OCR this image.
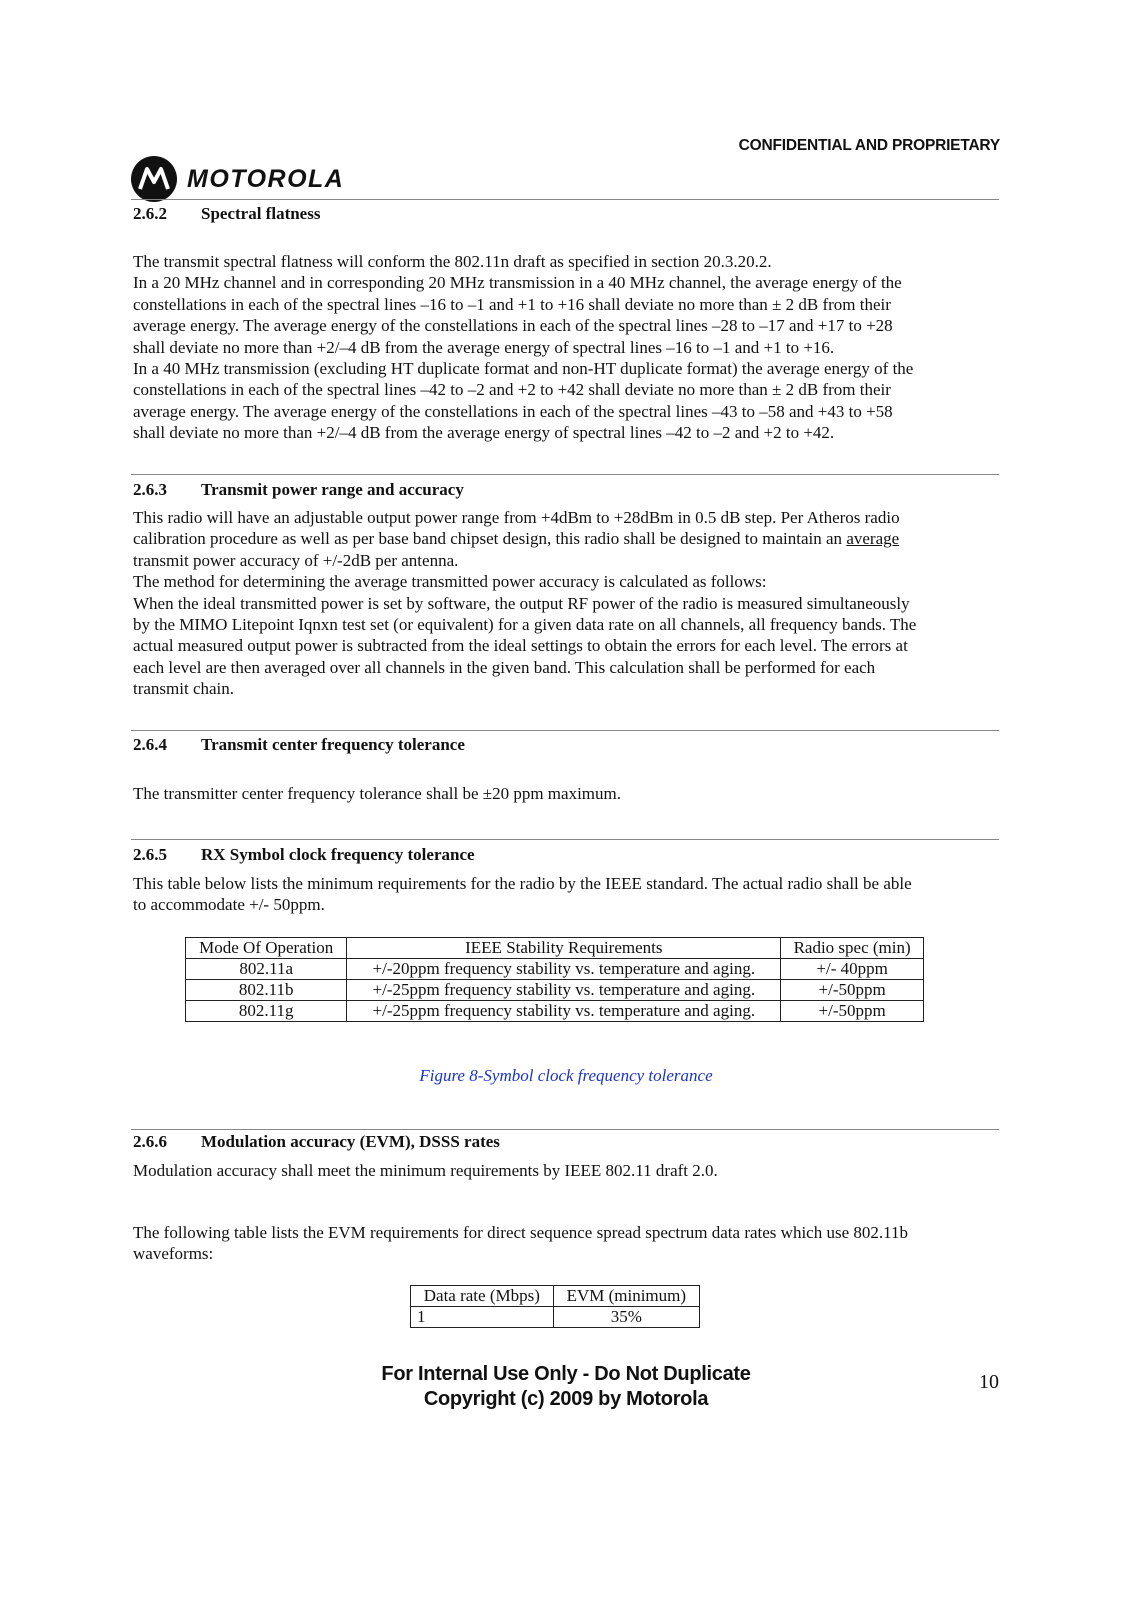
CONFIDENTIAL AND PROPRIETARY
MOTOROLA
2.6.2 Spectral flatness
The transmit spectral flatness will conform the 802.11n draft as specified in section 20.3.20.2.
In a 20 MHz channel and in corresponding 20 MHz transmission in a 40 MHz channel, the average energy of the
constellations in each of the spectral lines –16 to –1 and +1 to +16 shall deviate no more than ± 2 dB from their
average energy. The average energy of the constellations in each of the spectral lines –28 to –17 and +17 to +28
shall deviate no more than +2/–4 dB from the average energy of spectral lines –16 to –1 and +1 to +16.
In a 40 MHz transmission (excluding HT duplicate format and non-HT duplicate format) the average energy of the
constellations in each of the spectral lines –42 to –2 and +2 to +42 shall deviate no more than ± 2 dB from their
average energy. The average energy of the constellations in each of the spectral lines –43 to –58 and +43 to +58
shall deviate no more than +2/–4 dB from the average energy of spectral lines –42 to –2 and +2 to +42.
2.6.3 Transmit power range and accuracy
This radio will have an adjustable output power range from +4dBm to +28dBm in 0.5 dB step. Per Atheros radio
calibration procedure as well as per base band chipset design, this radio shall be designed to maintain an average
transmit power accuracy of +/-2dB per antenna.
The method for determining the average transmitted power accuracy is calculated as follows:
When the ideal transmitted power is set by software, the output RF power of the radio is measured simultaneously
by the MIMO Litepoint Iqnxn test set (or equivalent) for a given data rate on all channels, all frequency bands. The
actual measured output power is subtracted from the ideal settings to obtain the errors for each level. The errors at
each level are then averaged over all channels in the given band. This calculation shall be performed for each
transmit chain.
2.6.4 Transmit center frequency tolerance
The transmitter center frequency tolerance shall be ±20 ppm maximum.
2.6.5 RX Symbol clock frequency tolerance
This table below lists the minimum requirements for the radio by the IEEE standard. The actual radio shall be able
to accommodate +/- 50ppm.
Mode Of Operation	IEEE Stability Requirements	Radio spec (min)
802.11a	+/-20ppm frequency stability vs. temperature and aging.	+/- 40ppm
802.11b	+/-25ppm frequency stability vs. temperature and aging.	+/-50ppm
802.11g	+/-25ppm frequency stability vs. temperature and aging.	+/-50ppm
Figure 8-Symbol clock frequency tolerance
2.6.6 Modulation accuracy (EVM), DSSS rates
Modulation accuracy shall meet the minimum requirements by IEEE 802.11 draft 2.0.
The following table lists the EVM requirements for direct sequence spread spectrum data rates which use 802.11b
waveforms:
Data rate (Mbps)	EVM (minimum)
1	35%
10
For Internal Use Only - Do Not Duplicate
Copyright (c) 2009 by Motorola
